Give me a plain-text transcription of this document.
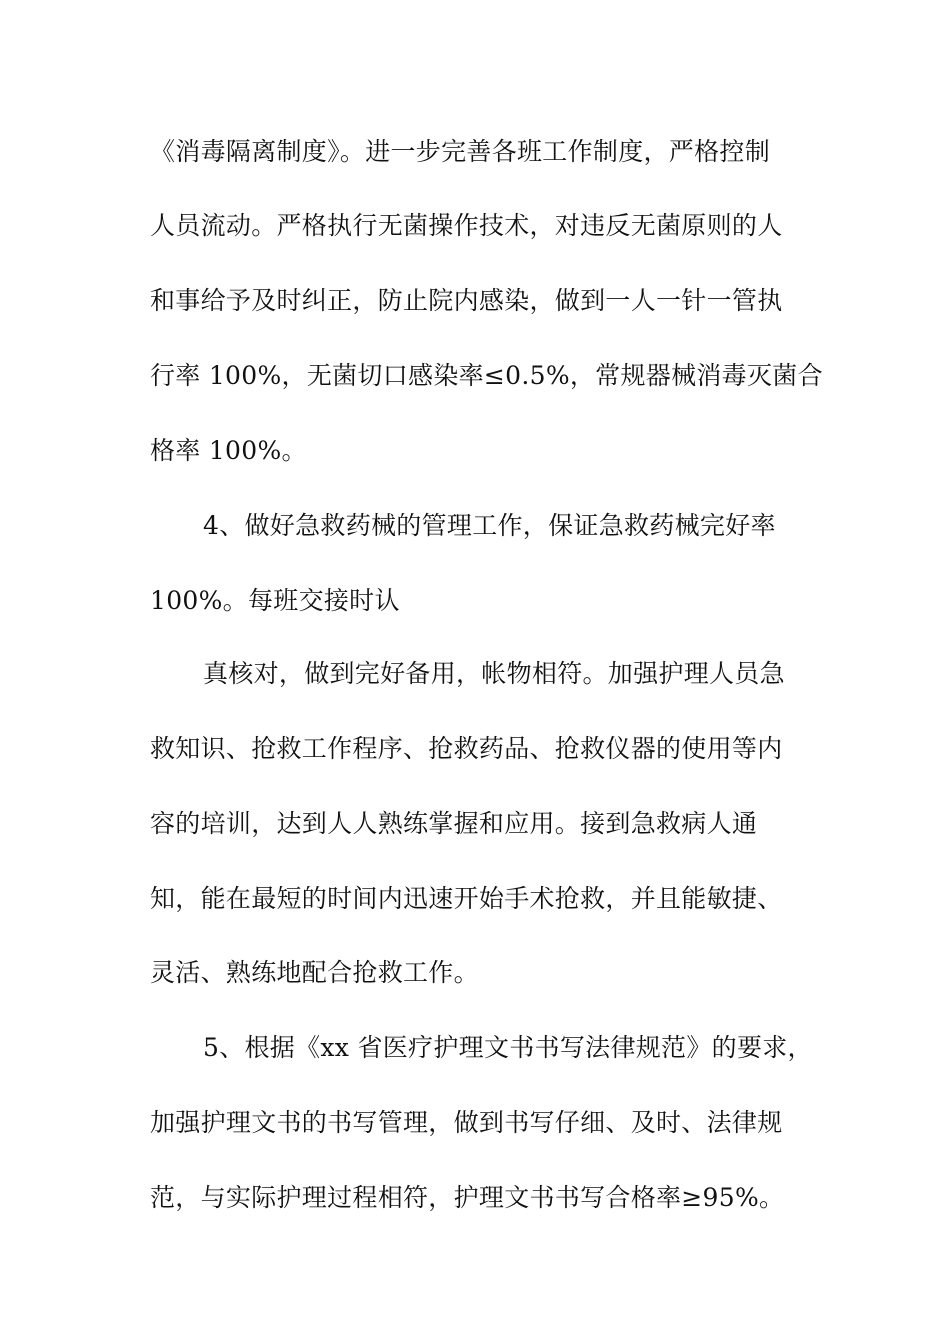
《消毒隔离制度》。进一步完善各班工作制度，严格控制
人员流动。严格执行无菌操作技术，对违反无菌原则的人
和事给予及时纠正，防止院内感染，做到一人一针一管执
行率 100%，无菌切口感染率≤0.5%，常规器械消毒灭菌合
格率 100%。
4、做好急救药械的管理工作，保证急救药械完好率
100%。每班交接时认
真核对，做到完好备用，帐物相符。加强护理人员急
救知识、抢救工作程序、抢救药品、抢救仪器的使用等内
容的培训，达到人人熟练掌握和应用。接到急救病人通
知，能在最短的时间内迅速开始手术抢救，并且能敏捷、
灵活、熟练地配合抢救工作。
5、根据《xx 省医疗护理文书书写法律规范》的要求，
加强护理文书的书写管理，做到书写仔细、及时、法律规
范，与实际护理过程相符，护理文书书写合格率≥95%。
